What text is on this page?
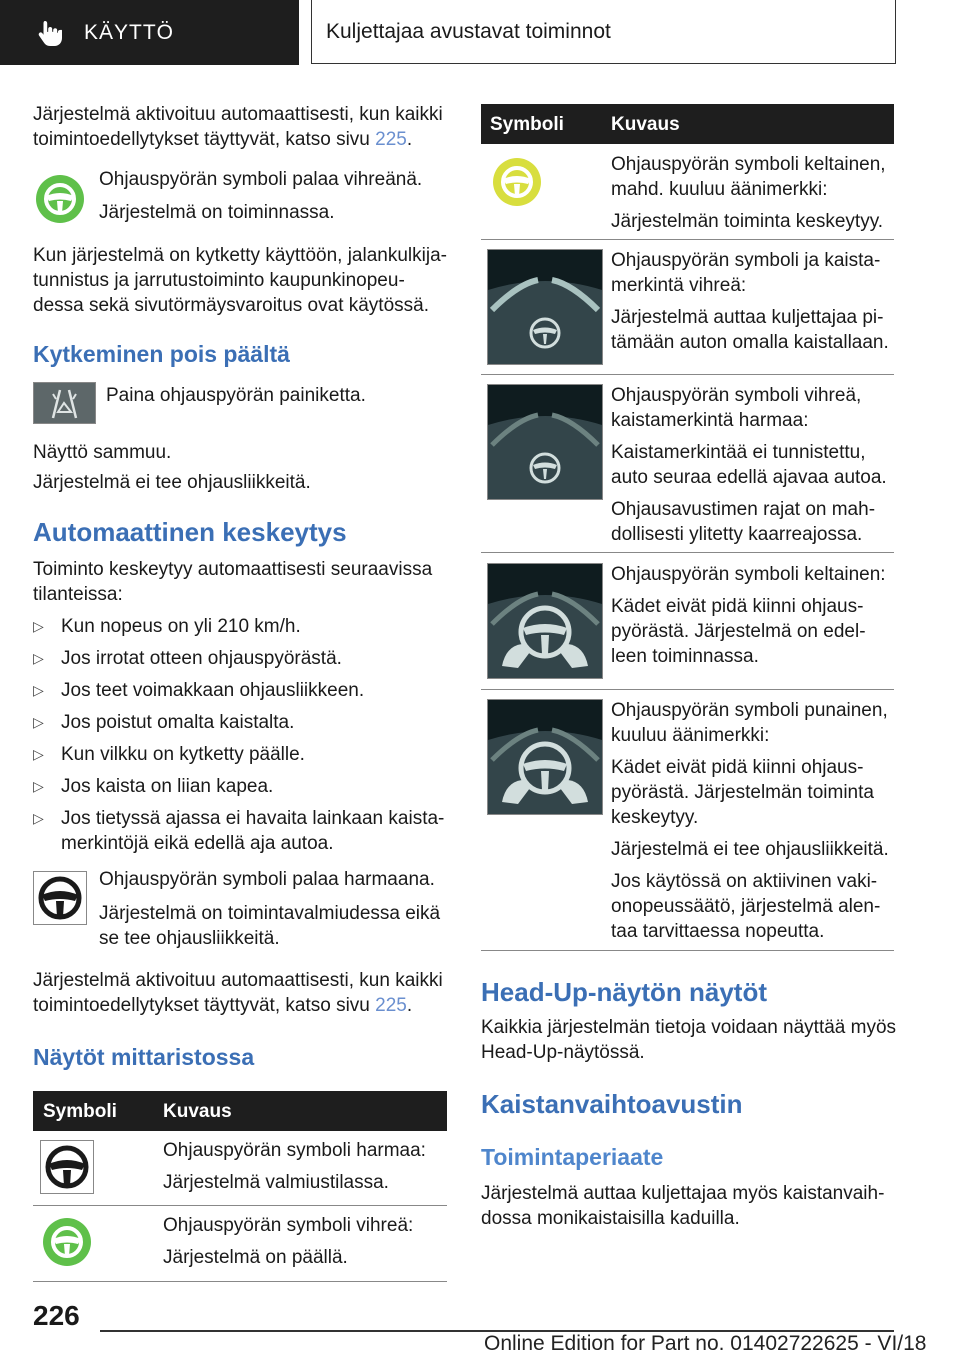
KÄYTTÖ	Kuljettajaa avustavat toiminnot

Järjestelmä aktivoituu automaattisesti, kun kaikki
toimintoedellytykset täyttyvät, katso sivu 225.

Ohjauspyörän symboli palaa vihreänä.

Järjestelmä on toiminnassa.

Kun järjestelmä on kytketty käyttöön, jalankulkija-
tunnistus ja jarrutustoiminto kaupunkinopeu-
dessa sekä sivutörmäysvaroitus ovat käytössä.

Kytkeminen pois päältä

Paina ohjauspyörän painiketta.

Näyttö sammuu.

Järjestelmä ei tee ohjausliikkeitä.

Automaattinen keskeytys

Toiminto keskeytyy automaattisesti seuraavissa
tilanteissa:

▷ Kun nopeus on yli 210 km/h.
▷ Jos irrotat otteen ohjauspyörästä.
▷ Jos teet voimakkaan ohjausliikkeen.
▷ Jos poistut omalta kaistalta.
▷ Kun vilkku on kytketty päälle.
▷ Jos kaista on liian kapea.
▷ Jos tietyssä ajassa ei havaita lainkaan kaista-
merkintöjä eikä edellä aja autoa.

Ohjauspyörän symboli palaa harmaana.

Järjestelmä on toimintavalmiudessa eikä
se tee ohjausliikkeitä.

Järjestelmä aktivoituu automaattisesti, kun kaikki
toimintoedellytykset täyttyvät, katso sivu 225.

Näytöt mittaristossa
Symboli Kuvaus
Ohjauspyörän symboli harmaa:
Järjestelmä valmiustilassa.
Ohjauspyörän symboli vihreä:
Järjestelmä on päällä.
Symboli Kuvaus
Ohjauspyörän symboli keltainen,
mahd. kuuluu äänimerkki:
Järjestelmän toiminta keskeytyy.
Ohjauspyörän symboli ja kaista-
merkintä vihreä:
Järjestelmä auttaa kuljettajaa pi-
tämään auton omalla kaistallaan.
Ohjauspyörän symboli vihreä,
kaistamerkintä harmaa:
Kaistamerkintää ei tunnistettu,
auto seuraa edellä ajavaa autoa.
Ohjausavustimen rajat on mah-
dollisesti ylitetty kaarreajossa.
Ohjauspyörän symboli keltainen:
Kädet eivät pidä kiinni ohjaus-
pyörästä. Järjestelmä on edel-
leen toiminnassa.
Ohjauspyörän symboli punainen,
kuuluu äänimerkki:
Kädet eivät pidä kiinni ohjaus-
pyörästä. Järjestelmän toiminta
keskeytyy.
Järjestelmä ei tee ohjausliikkeitä.
Jos käytössä on aktiivinen vaki-
onopeussäätö, järjestelmä alen-
taa tarvittaessa nopeutta.
Head-Up-näytön näytöt

Kaikkia järjestelmän tietoja voidaan näyttää myös
Head-Up-näytössä.

Kaistanvaihtoavustin
Toimintaperiaate

Järjestelmä auttaa kuljettajaa myös kaistanvaih-
dossa monikaistaisilla kaduilla.

226
Online Edition for Part no. 01402722625 - VI/18
